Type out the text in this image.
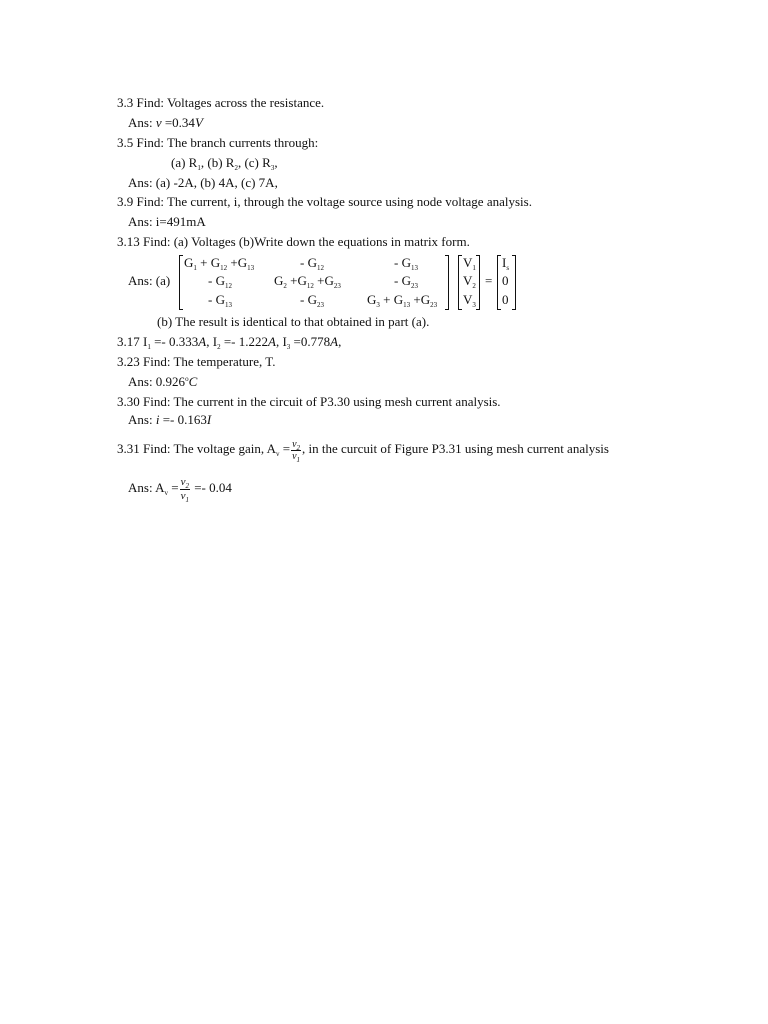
3.3 Find: Voltages across the resistance.
Ans: v =0.34V
3.5 Find: The branch currents through:
(a) $R_1$, (b) $R_2$, (c) $R_3$,
Ans: (a) -2A, (b) 4A, (c) 7A,
3.9 Find: The current, i, through the voltage source using node voltage analysis.
Ans: i=491mA
3.13 Find: (a) Voltages (b)Write down the equations in matrix form.
Ans: (a)
$G_1 + G_{12} +G_{13}$	- $G_{12}$	- $G_{13}$
- $G_{12}$	$G_2 +G_{12} +G_{23}$	- $G_{23}$
- $G_{13}$	- $G_{23}$	$G_3 + G_{13} +G_{23}$
$V_1$
$V_2$
$V_3$
=
$I_s$
0
0
(b) The result is identical to that obtained in part (a).
3.17 $I_1 =- 0.333A$, $I_2 =- 1.222A$, $I_3 =0.778A$,
3.23 Find: The temperature, T.
Ans: 0.926$^o$C
3.30 Find: The current in the circuit of P3.30 using mesh current analysis.
Ans: i =- 0.163I
3.31 Find: The voltage gain, $A_v = \frac{v_2}{v_1}$ , in the curcuit of Figure P3.31 using mesh current analysis
Ans: $A_v = \frac{v_2}{v_1} =- 0.04$
